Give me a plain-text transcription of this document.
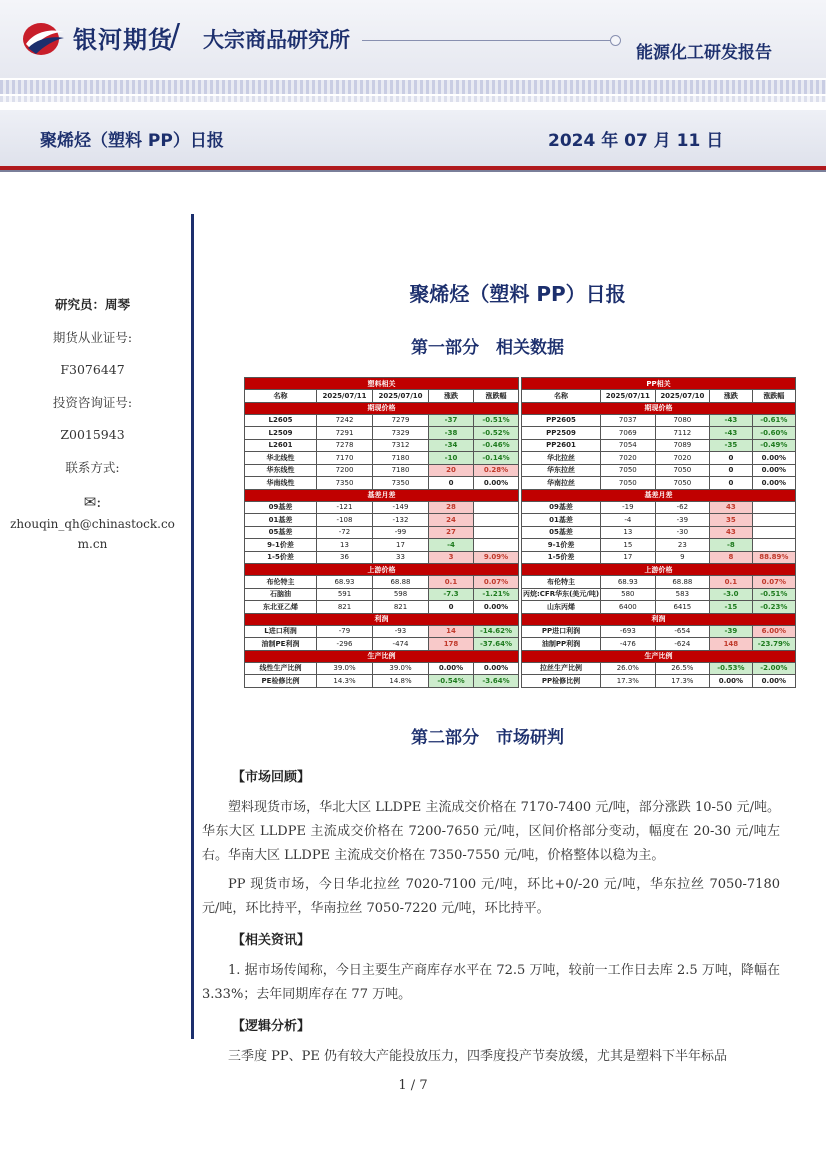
银河期货
/ 大宗商品研究所
能源化工研发报告
聚烯烃（塑料 PP）日报	2024 年 07 月 11 日
研究员：周琴
期货从业证号:
F3076447
投资咨询证号:
Z0015943
联系方式:
✉:
zhouqin_qh@chinastock.com.cn
聚烯烃（塑料 PP）日报
第一部分　相关数据
塑料相关				
名称	2025/07/11	2025/07/10	涨跌	涨跌幅
期现价格				
L2605	7242	7279	-37	-0.51%
L2509	7291	7329	-38	-0.52%
L2601	7278	7312	-34	-0.46%
华北线性	7170	7180	-10	-0.14%
华东线性	7200	7180	20	0.28%
华南线性	7350	7350	0	0.00%
基差月差				
09基差	-121	-149	28	
01基差	-108	-132	24	
05基差	-72	-99	27	
9-1价差	13	17	-4	
1-5价差	36	33	3	9.09%
上游价格				
布伦特主	68.93	68.88	0.1	0.07%
石脑油	591	598	-7.3	-1.21%
东北亚乙烯	821	821	0	0.00%
利润				
L进口利润	-79	-93	14	-14.62%
油制PE利润	-296	-474	178	-37.64%
生产比例				
线性生产比例	39.0%	39.0%	0.00%	0.00%
PE检修比例	14.3%	14.8%	-0.54%	-3.64%
PP相关				
名称	2025/07/11	2025/07/10	涨跌	涨跌幅
期现价格				
PP2605	7037	7080	-43	-0.61%
PP2509	7069	7112	-43	-0.60%
PP2601	7054	7089	-35	-0.49%
华北拉丝	7020	7020	0	0.00%
华东拉丝	7050	7050	0	0.00%
华南拉丝	7050	7050	0	0.00%
基差月差				
09基差	-19	-62	43	
01基差	-4	-39	35	
05基差	13	-30	43	
9-1价差	15	23	-8	
1-5价差	17	9	8	88.89%
上游价格				
布伦特主	68.93	68.88	0.1	0.07%
丙烷:CFR华东(美元/吨)	580	583	-3.0	-0.51%
山东丙烯	6400	6415	-15	-0.23%
利润				
PP进口利润	-693	-654	-39	6.00%
油制PP利润	-476	-624	148	-23.79%
生产比例				
拉丝生产比例	26.0%	26.5%	-0.53%	-2.00%
PP检修比例	17.3%	17.3%	0.00%	0.00%
第二部分　市场研判
【市场回顾】
塑料现货市场，华北大区 LLDPE 主流成交价格在 7170-7400 元/吨，部分涨跌 10-50 元/吨。华东大区 LLDPE 主流成交价格在 7200-7650 元/吨，区间价格部分变动，幅度在 20-30 元/吨左右。华南大区 LLDPE 主流成交价格在 7350-7550 元/吨，价格整体以稳为主。
PP 现货市场，今日华北拉丝 7020-7100 元/吨，环比+0/-20 元/吨，华东拉丝 7050-7180 元/吨，环比持平，华南拉丝 7050-7220 元/吨，环比持平。
【相关资讯】
1. 据市场传闻称，今日主要生产商库存水平在 72.5 万吨，较前一工作日去库 2.5 万吨，降幅在 3.33%；去年同期库存在 77 万吨。
【逻辑分析】
三季度 PP、PE 仍有较大产能投放压力，四季度投产节奏放缓，尤其是塑料下半年标品
1 / 7
